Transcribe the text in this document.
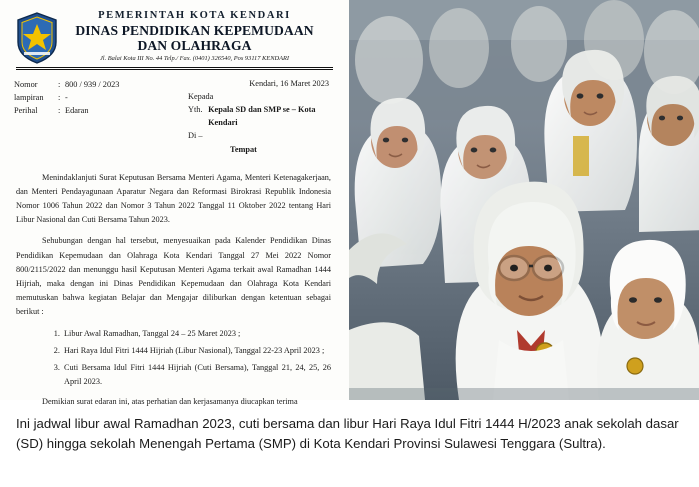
PEMERINTAH KOTA KENDARI
DINAS PENDIDIKAN KEPEMUDAAN DAN OLAHRAGA
Jl. Balai Kota III No. 44 Telp./ Fax. (0401) 326540, Pos 93117 KENDARI
Nomor	: 800 / 939 / 2023
lampiran	: -
Perihal	: Edaran
Kendari, 16 Maret 2023
Kepada
Yth. Kepala SD dan SMP se – Kota Kendari
Di –
Tempat

Menindaklanjuti Surat Keputusan Bersama Menteri Agama, Menteri Ketenagakerjaan, dan Menteri Pendayagunaan Aparatur Negara dan Reformasi Birokrasi Republik Indonesia Nomor 1006 Tahun 2022 dan Nomor 3 Tahun 2022 Tanggal 11 Oktober 2022 tentang Hari Libur Nasional dan Cuti Bersama Tahun 2023.

Sehubungan dengan hal tersebut, menyesuaikan pada Kalender Pendidikan Dinas Pendidikan Kepemudaan dan Olahraga Kota Kendari Tanggal 27 Mei 2022 Nomor 800/2115/2022 dan menunggu hasil Keputusan Menteri Agama terkait awal Ramadhan 1444 Hijriah, maka dengan ini Dinas Pendidikan Kepemudaan dan Olahraga Kota Kendari memutuskan bahwa kegiatan Belajar dan Mengajar diliburkan dengan ketentuan sebagai berikut :

1. Libur Awal Ramadhan, Tanggal 24 – 25 Maret 2023 ;
2. Hari Raya Idul Fitri 1444 Hijriah (Libur Nasional), Tanggal 22-23 April 2023 ;
3. Cuti Bersama Idul Fitri 1444 Hijriah (Cuti Bersama), Tanggal 21, 24, 25, 26 April 2023.

Demikian surat edaran ini, atas perhatian dan kerjasamanya diucapkan terima

Ini jadwal libur awal Ramadhan 2023, cuti bersama dan libur Hari Raya Idul Fitri 1444 H/2023 anak sekolah dasar (SD) hingga sekolah Menengah Pertama (SMP) di Kota Kendari Provinsi Sulawesi Tenggara (Sultra).
